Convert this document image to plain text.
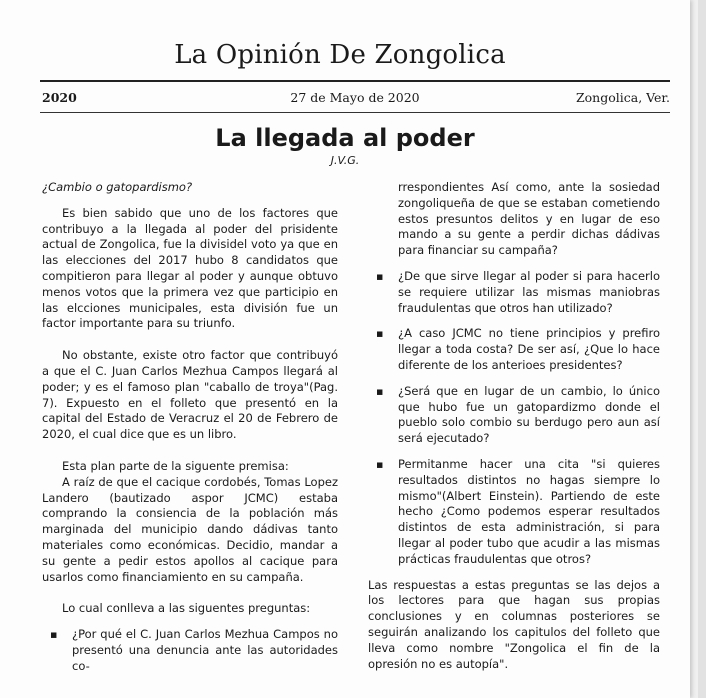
La Opinión De Zongolica
2020	27 de Mayo de 2020	Zongolica, Ver.
La llegada al poder
J.V.G.

¿Cambio o gatopardismo?

Es bien sabido que uno de los factores que contribuyo a la llegada al poder del prisidente actual de Zongolica, fue la divisidel voto ya que en las elecciones del 2017 hubo 8 candidatos que compitieron para llegar al poder y aunque obtuvo menos votos que la primera vez que participio en las elcciones municipales, esta división fue un factor importante para su triunfo.

No obstante, existe otro factor que contribuyó a que el C. Juan Carlos Mezhua Campos llegará al poder; y es el famoso plan "caballo de troya"(Pag. 7). Expuesto en el folleto que presentó en la capital del Estado de Veracruz el 20 de Febrero de 2020, el cual dice que es un libro.

Esta plan parte de la siguente premisa:

A raíz de que el cacique cordobés, Tomas Lopez Landero (bautizado aspor JCMC) estaba comprando la consiencia de la población más marginada del municipio dando dádivas tanto materiales como económicas. Decidio, mandar a su gente a pedir estos apollos al cacique para usarlos como financiamiento en su campaña.

Lo cual conlleva a las siguentes preguntas:

▪ ¿Por qué el C. Juan Carlos Mezhua Campos no presentó una denuncia ante las autoridades co-

rrespondientes Así como, ante la sosiedad zongoliqueña de que se estaban cometiendo estos presuntos delitos y en lugar de eso mando a su gente a perdir dichas dádivas para financiar su campaña?

▪ ¿De que sirve llegar al poder si para hacerlo se requiere utilizar las mismas maniobras fraudulentas que otros han utilizado?
▪ ¿A caso JCMC no tiene principios y prefiro llegar a toda costa? De ser así, ¿Que lo hace diferente de los anterioes presidentes?
▪ ¿Será que en lugar de un cambio, lo único que hubo fue un gatopardizmo donde el pueblo solo combio su berdugo pero aun así será ejecutado?
▪ Permitanme hacer una cita "si quieres resultados distintos no hagas siempre lo mismo"(Albert Einstein). Partiendo de este hecho ¿Como podemos esperar resultados distintos de esta administración, si para llegar al poder tubo que acudir a las mismas prácticas fraudulentas que otros?

Las respuestas a estas preguntas se las dejos a los lectores para que hagan sus propias conclusiones y en columnas posteriores se seguirán analizando los capitulos del folleto que lleva como nombre "Zongolica el fin de la opresión no es autopía".
